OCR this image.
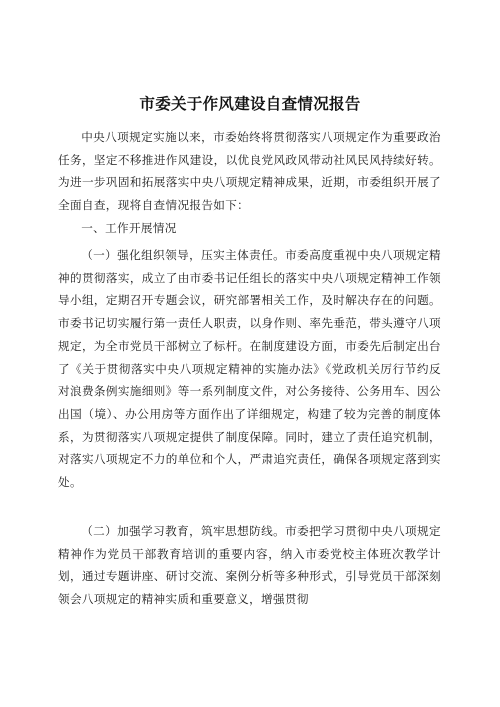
市委关于作风建设自查情况报告

中央八项规定实施以来，市委始终将贯彻落实八项规定作为重要政治任务，坚定不移推进作风建设，以优良党风政风带动社风民风持续好转。为进一步巩固和拓展落实中央八项规定精神成果，近期，市委组织开展了全面自查，现将自查情况报告如下：

一、工作开展情况

（一）强化组织领导，压实主体责任。市委高度重视中央八项规定精神的贯彻落实，成立了由市委书记任组长的落实中央八项规定精神工作领导小组，定期召开专题会议，研究部署相关工作，及时解决存在的问题。市委书记切实履行第一责任人职责，以身作则、率先垂范，带头遵守八项规定，为全市党员干部树立了标杆。在制度建设方面，市委先后制定出台了《关于贯彻落实中央八项规定精神的实施办法》《党政机关厉行节约反对浪费条例实施细则》等一系列制度文件，对公务接待、公务用车、因公出国（境）、办公用房等方面作出了详细规定，构建了较为完善的制度体系，为贯彻落实八项规定提供了制度保障。同时，建立了责任追究机制，对落实八项规定不力的单位和个人，严肃追究责任，确保各项规定落到实处。

（二）加强学习教育，筑牢思想防线。市委把学习贯彻中央八项规定精神作为党员干部教育培训的重要内容，纳入市委党校主体班次教学计划，通过专题讲座、研讨交流、案例分析等多种形式，引导党员干部深刻领会八项规定的精神实质和重要意义，增强贯彻
